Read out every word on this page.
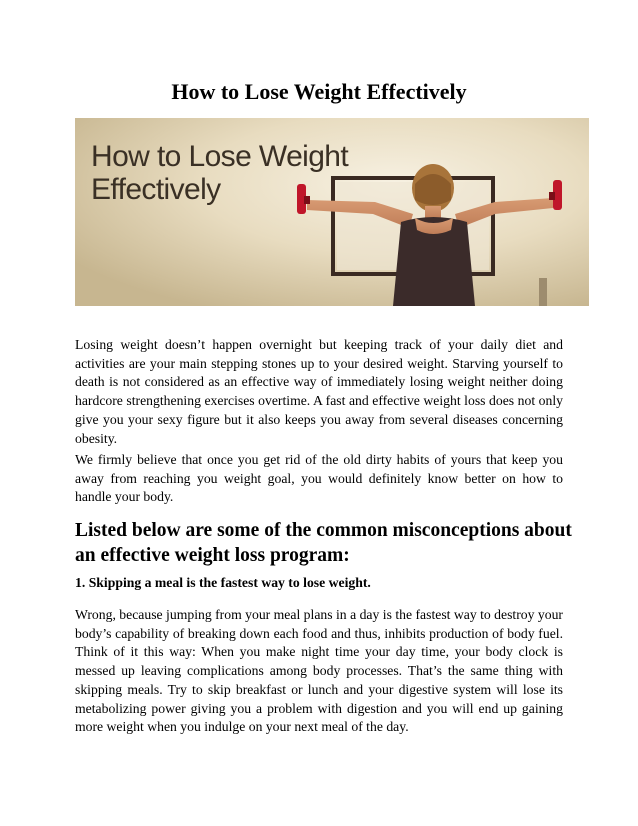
How to Lose Weight Effectively
How to Lose Weight
Effectively
Losing weight doesn’t happen overnight but keeping track of your daily diet and activities are your main stepping stones up to your desired weight. Starving yourself to death is not considered as an effective way of immediately losing weight neither doing hardcore strengthening exercises overtime. A fast and effective weight loss does not only give you your sexy figure but it also keeps you away from several diseases concerning obesity.
We firmly believe that once you get rid of the old dirty habits of yours that keep you away from reaching you weight goal, you would definitely know better on how to handle your body.
Listed below are some of the common misconceptions about an effective weight loss program:
1. Skipping a meal is the fastest way to lose weight.
Wrong, because jumping from your meal plans in a day is the fastest way to destroy your body’s capability of breaking down each food and thus, inhibits production of body fuel. Think of it this way: When you make night time your day time, your body clock is messed up leaving complications among body processes. That’s the same thing with skipping meals. Try to skip breakfast or lunch and your digestive system will lose its metabolizing power giving you a problem with digestion and you will end up gaining more weight when you indulge on your next meal of the day.
